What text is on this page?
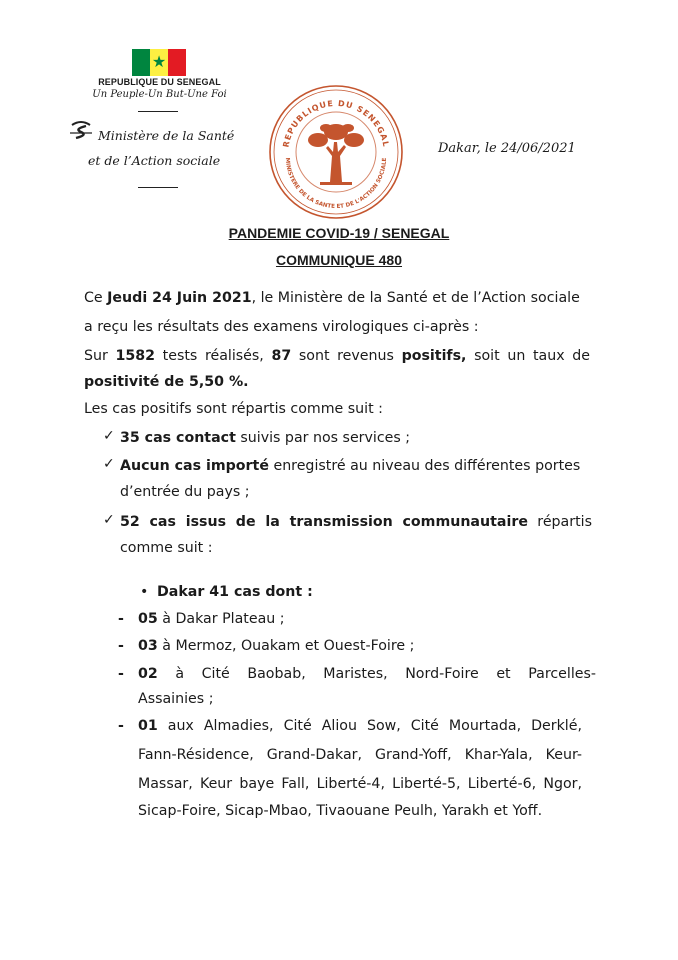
★
REPUBLIQUE DU SENEGAL
Un Peuple-Un But-Une Foi
Ministère de la Santé
et de l’Action sociale
REPUBLIQUE DU SENEGAL
MINISTERE DE LA SANTE ET DE L'ACTION SOCIALE
Dakar, le 24/06/2021
PANDEMIE COVID-19 / SENEGAL
COMMUNIQUE 480
Ce Jeudi 24 Juin 2021, le Ministère de la Santé et de l’Action sociale
a reçu les résultats des examens virologiques ci-après :
Sur 1582 tests réalisés, 87 sont revenus positifs, soit un taux de
positivité de 5,50 %.
Les cas positifs sont répartis comme suit :
✓ 35 cas contact suivis par nos services ;
✓ Aucun cas importé enregistré au niveau des différentes portes
d’entrée du pays ;
✓ 52 cas issus de la transmission communautaire répartis
comme suit :
• Dakar 41 cas dont :
- 05 à Dakar Plateau ;
- 03 à Mermoz, Ouakam et Ouest-Foire ;
- 02 à Cité Baobab, Maristes, Nord-Foire et Parcelles-
Assainies ;
- 01 aux Almadies, Cité Aliou Sow, Cité Mourtada, Derklé,
Fann-Résidence, Grand-Dakar, Grand-Yoff, Khar-Yala, Keur-
Massar, Keur baye Fall, Liberté-4, Liberté-5, Liberté-6, Ngor,
Sicap-Foire, Sicap-Mbao, Tivaouane Peulh, Yarakh et Yoff.
